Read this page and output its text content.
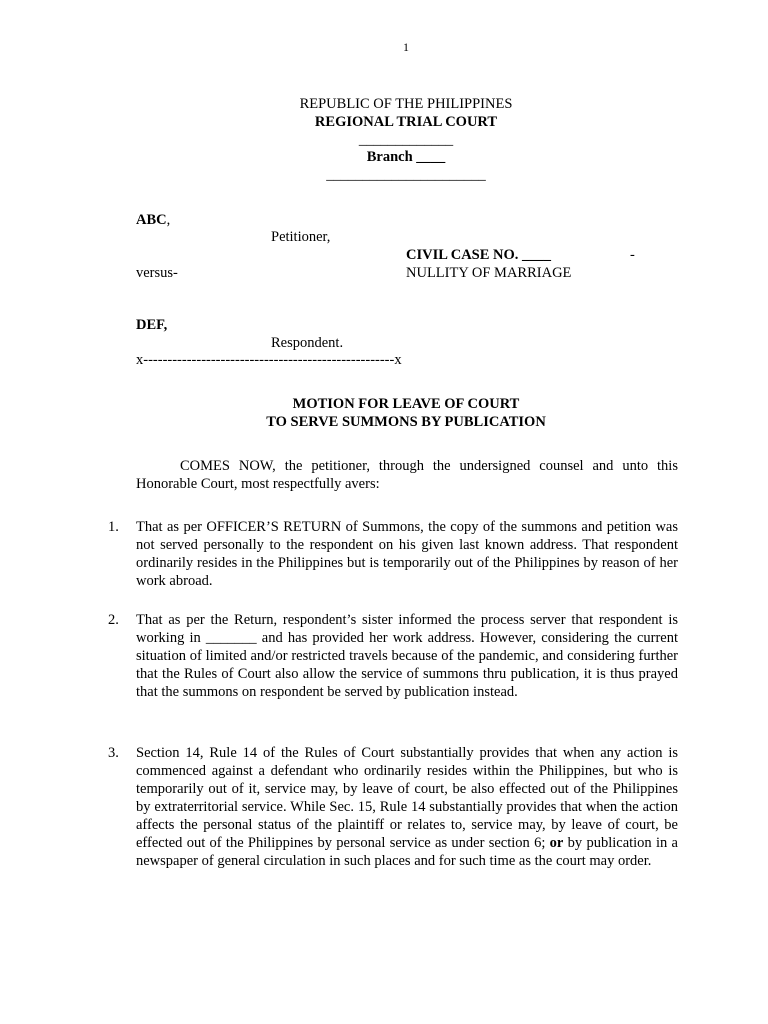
1

REPUBLIC OF THE PHILIPPINES

REGIONAL TRIAL COURT

_____________

Branch ____

______________________

ABC,

Petitioner,

CIVIL CASE NO. ____	-

versus-	NULLITY OF MARRIAGE

DEF,

Respondent.

x----------------------------------------------------x

MOTION FOR LEAVE OF COURT

TO SERVE SUMMONS BY PUBLICATION

COMES NOW, the petitioner, through the undersigned counsel and unto this Honorable Court, most respectfully avers:

1. That as per OFFICER’S RETURN of Summons, the copy of the summons and petition was not served personally to the respondent on his given last known address. That respondent ordinarily resides in the Philippines but is temporarily out of the Philippines by reason of her work abroad.

2. That as per the Return, respondent’s sister informed the process server that respondent is working in _______ and has provided her work address. However, considering the current situation of limited and/or restricted travels because of the pandemic, and considering further that the Rules of Court also allow the service of summons thru publication, it is thus prayed that the summons on respondent be served by publication instead.

3. Section 14, Rule 14 of the Rules of Court substantially provides that when any action is commenced against a defendant who ordinarily resides within the Philippines, but who is temporarily out of it, service may, by leave of court, be also effected out of the Philippines by extraterritorial service. While Sec. 15, Rule 14 substantially provides that when the action affects the personal status of the plaintiff or relates to, service may, by leave of court, be effected out of the Philippines by personal service as under section 6; or by publication in a newspaper of general circulation in such places and for such time as the court may order.
